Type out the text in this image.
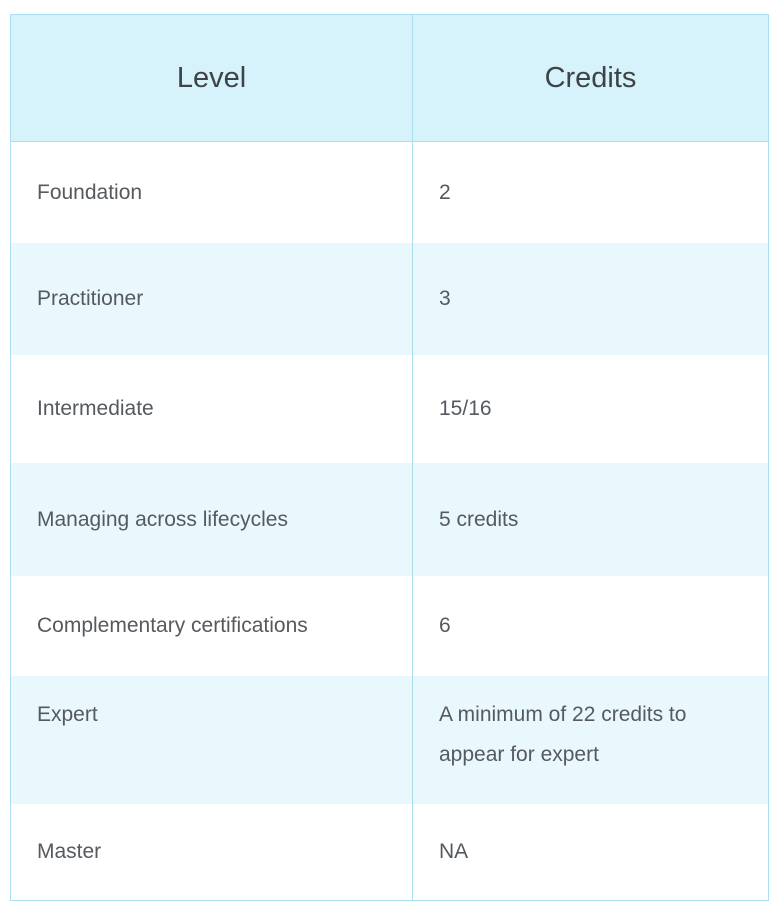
Level	Credits
Foundation	2
Practitioner	3
Intermediate	15/16
Managing across lifecycles	5 credits
Complementary certifications	6
Expert	A minimum of 22 credits to appear for expert
Master	NA
